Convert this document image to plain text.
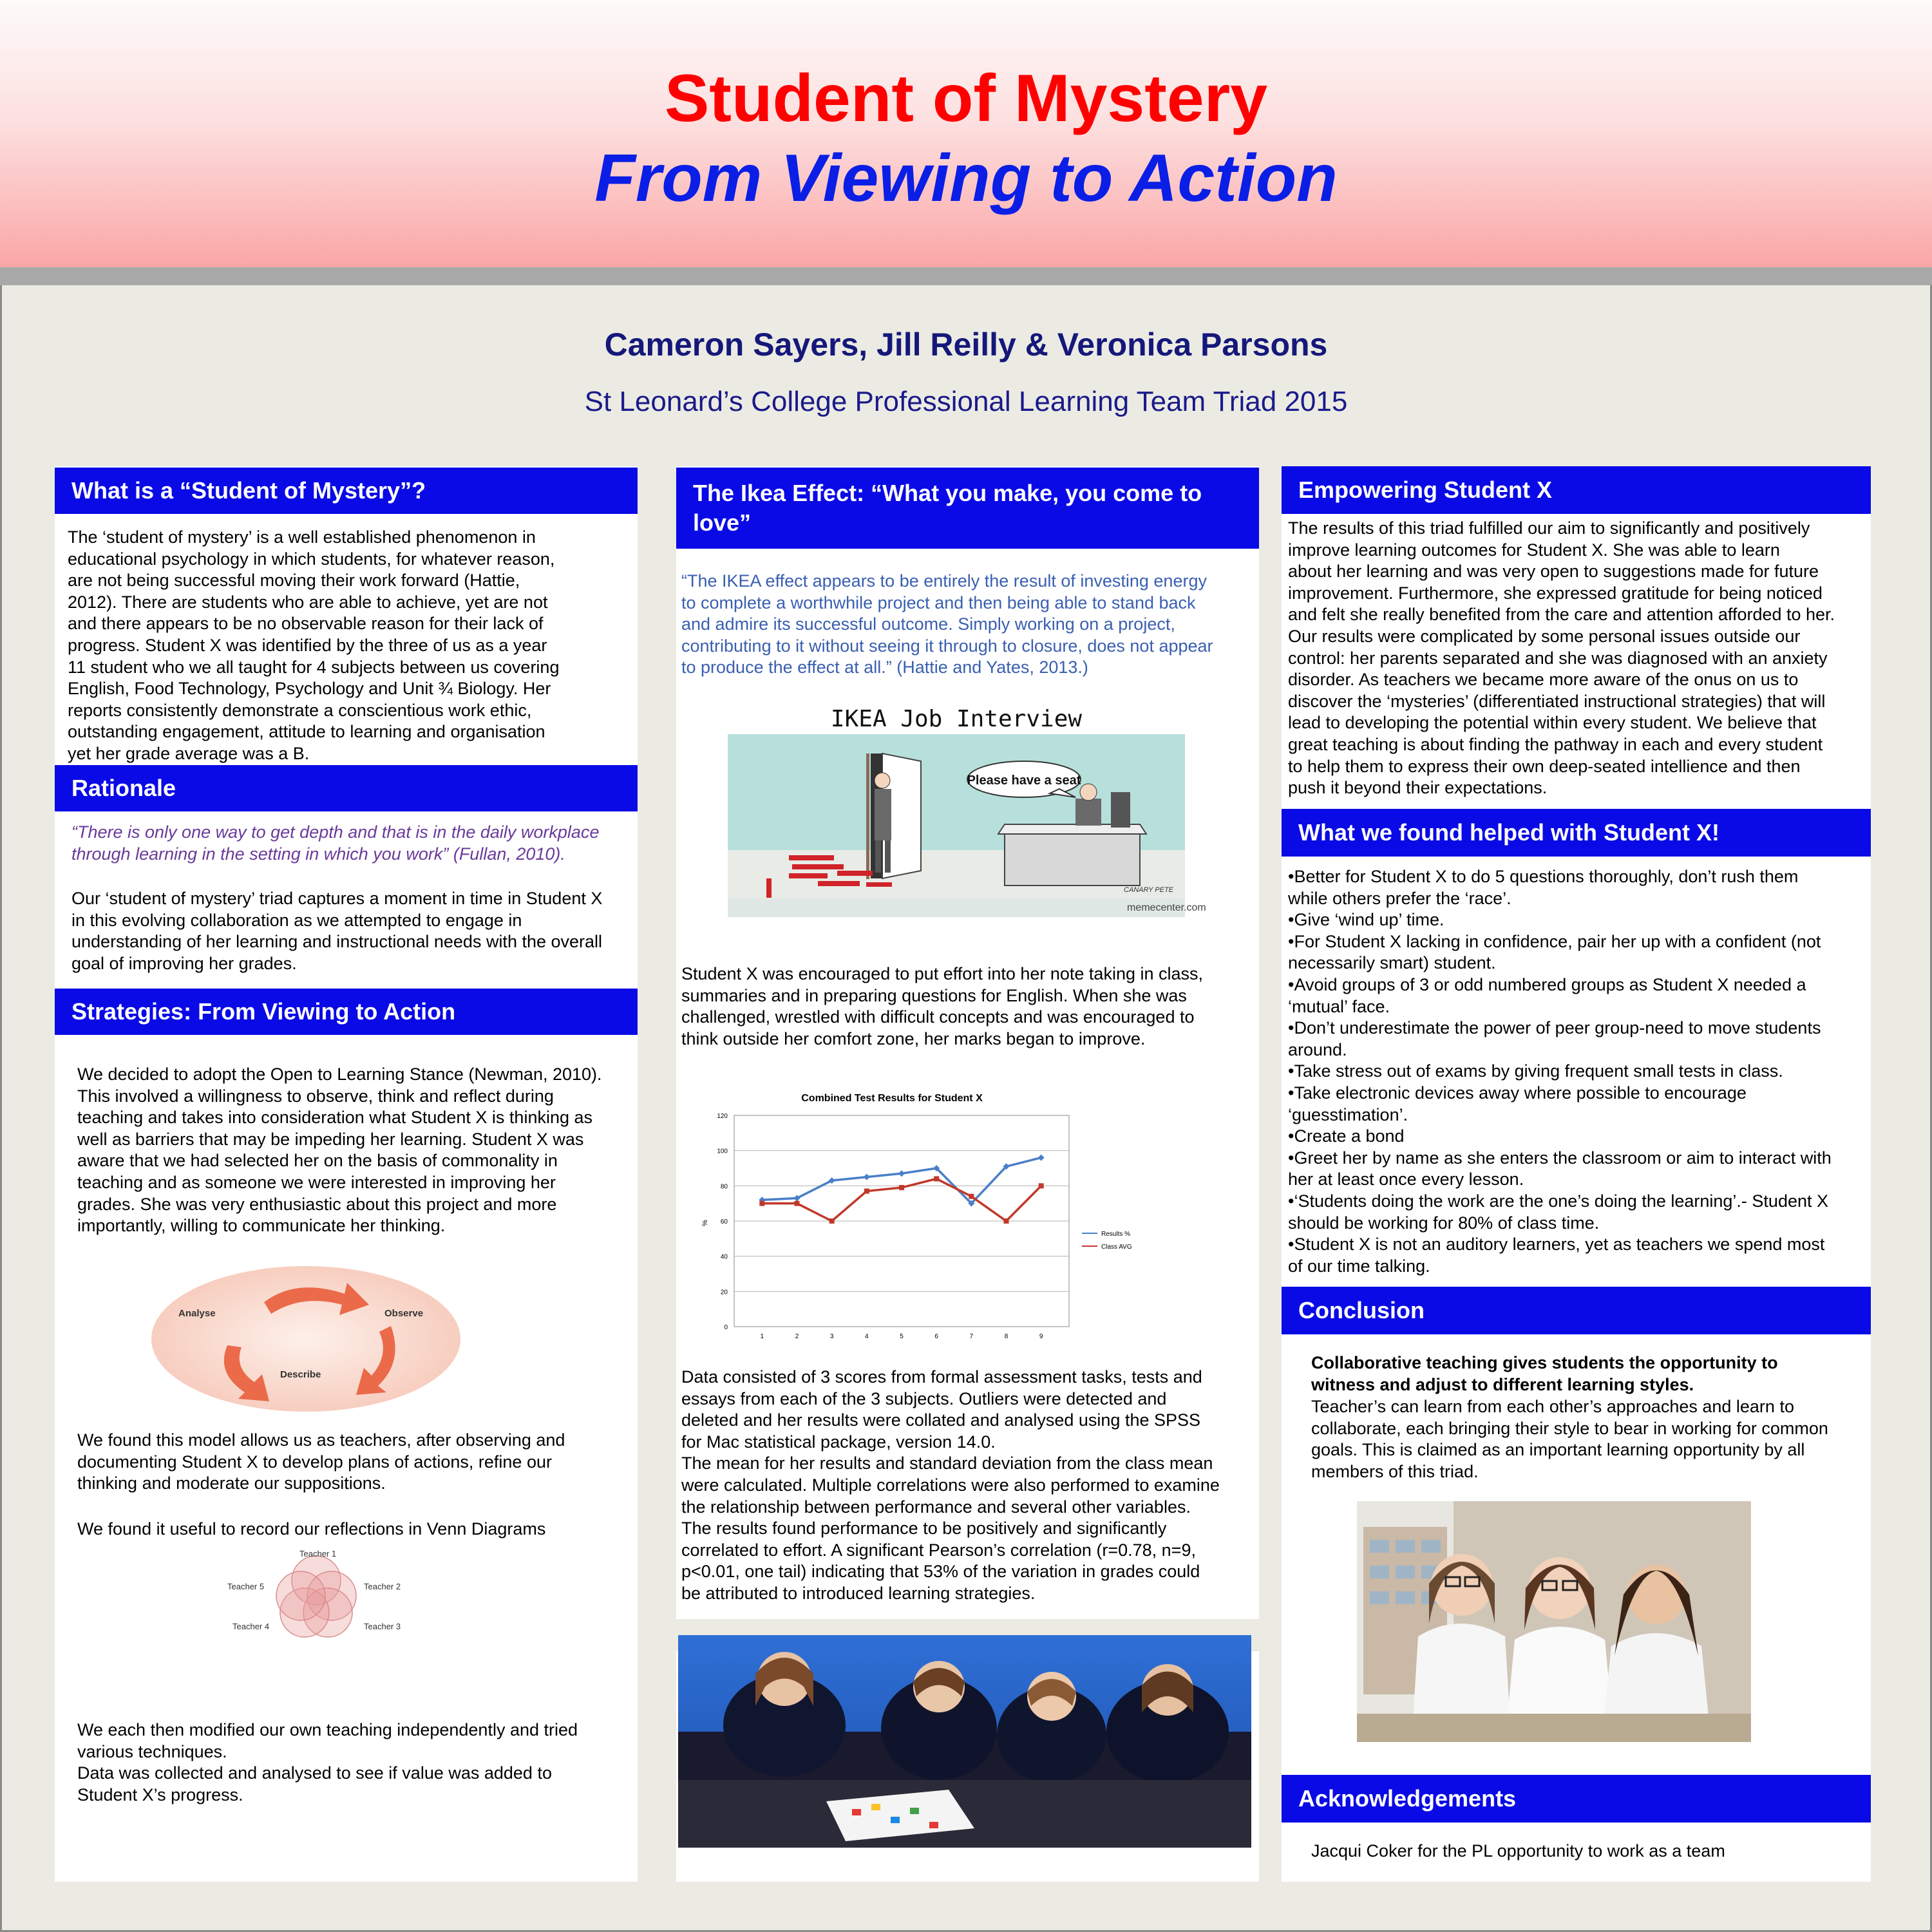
Student of Mystery
From Viewing to Action
Cameron Sayers, Jill Reilly & Veronica Parsons
St Leonard’s College Professional Learning Team Triad 2015
What is a “Student of Mystery”?
The ‘student of mystery’ is a well established phenomenon in
educational psychology in which students, for whatever reason,
are not being successful moving their work forward (Hattie,
2012). There are students who are able to achieve, yet are not
and there appears to be no observable reason for their lack of
progress. Student X was identified by the three of us as a year
11 student who we all taught for 4 subjects between us covering
English, Food Technology, Psychology and Unit ¾ Biology. Her
reports consistently demonstrate a conscientious work ethic,
outstanding engagement, attitude to learning and organisation
yet her grade average was a B.
Rationale
“There is only one way to get depth and that is in the daily workplace
through learning in the setting in which you work” (Fullan, 2010).
Our ‘student of mystery’ triad captures a moment in time in Student X
in this evolving collaboration as we attempted to engage in
understanding of her learning and instructional needs with the overall
goal of improving her grades.
Strategies: From Viewing to Action
We decided to adopt the Open to Learning Stance (Newman, 2010).
This involved a willingness to observe, think and reflect during
teaching and takes into consideration what Student X is thinking as
well as barriers that may be impeding her learning. Student X was
aware that we had selected her on the basis of commonality in
teaching and as someone we were interested in improving her
grades. She was very enthusiastic about this project and more
importantly, willing to communicate her thinking.
Analyse	Observe
Describe
We found this model allows us as teachers, after observing and
documenting Student X to develop plans of actions, refine our
thinking and moderate our suppositions.
We found it useful to record our reflections in Venn Diagrams
Teacher 1
Teacher 2
Teacher 3
Teacher 4
Teacher 5
We each then modified our own teaching independently and tried
various techniques.
Data was collected and analysed to see if value was added to
Student X’s progress.
The Ikea Effect: “What you make, you come to
love”
“The IKEA effect appears to be entirely the result of investing energy
to complete a worthwhile project and then being able to stand back
and admire its successful outcome. Simply working on a project,
contributing to it without seeing it through to closure, does not appear
to produce the effect at all.” (Hattie and Yates, 2013.)
IKEA Job Interview
Please have a seat
CANARY PETE
memecenter.com
Student X was encouraged to put effort into her note taking in class,
summaries and in preparing questions for English. When she was
challenged, wrestled with difficult concepts and was encouraged to
think outside her comfort zone, her marks began to improve.
Combined Test Results for Student X
%
0
20
40
60
80
100
120
1	2	3	4	5	6	7	8	9
Results %
Class AVG
Data consisted of 3 scores from formal assessment tasks, tests and
essays from each of the 3 subjects. Outliers were detected and
deleted and her results were collated and analysed using the SPSS
for Mac statistical package, version 14.0.
The mean for her results and standard deviation from the class mean
were calculated. Multiple correlations were also performed to examine
the relationship between performance and several other variables.
The results found performance to be positively and significantly
correlated to effort. A significant Pearson’s correlation (r=0.78, n=9,
p<0.01, one tail) indicating that 53% of the variation in grades could
be attributed to introduced learning strategies.
Empowering Student X
The results of this triad fulfilled our aim to significantly and positively
improve learning outcomes for Student X. She was able to learn
about her learning and was very open to suggestions made for future
improvement. Furthermore, she expressed gratitude for being noticed
and felt she really benefited from the care and attention afforded to her.
Our results were complicated by some personal issues outside our
control: her parents separated and she was diagnosed with an anxiety
disorder. As teachers we became more aware of the onus on us to
discover the ‘mysteries’ (differentiated instructional strategies) that will
lead to developing the potential within every student. We believe that
great teaching is about finding the pathway in each and every student
to help them to express their own deep-seated intellience and then
push it beyond their expectations.
What we found helped with Student X!
•Better for Student X to do 5 questions thoroughly, don’t rush them
while others prefer the ‘race’.
•Give ‘wind up’ time.
•For Student X lacking in confidence, pair her up with a confident (not
necessarily smart) student.
•Avoid groups of 3 or odd numbered groups as Student X needed a
‘mutual’ face.
•Don’t underestimate the power of peer group-need to move students
around.
•Take stress out of exams by giving frequent small tests in class.
•Take electronic devices away where possible to encourage
‘guesstimation’.
•Create a bond
•Greet her by name as she enters the classroom or aim to interact with
her at least once every lesson.
•‘Students doing the work are the one’s doing the learning’.- Student X
should be working for 80% of class time.
•Student X is not an auditory learners, yet as teachers we spend most
of our time talking.
Conclusion
Collaborative teaching gives students the opportunity to
witness and adjust to different learning styles.
Teacher’s can learn from each other’s approaches and learn to
collaborate, each bringing their style to bear in working for common
goals. This is claimed as an important learning opportunity by all
members of this triad.
Acknowledgements
Jacqui Coker for the PL opportunity to work as a team
